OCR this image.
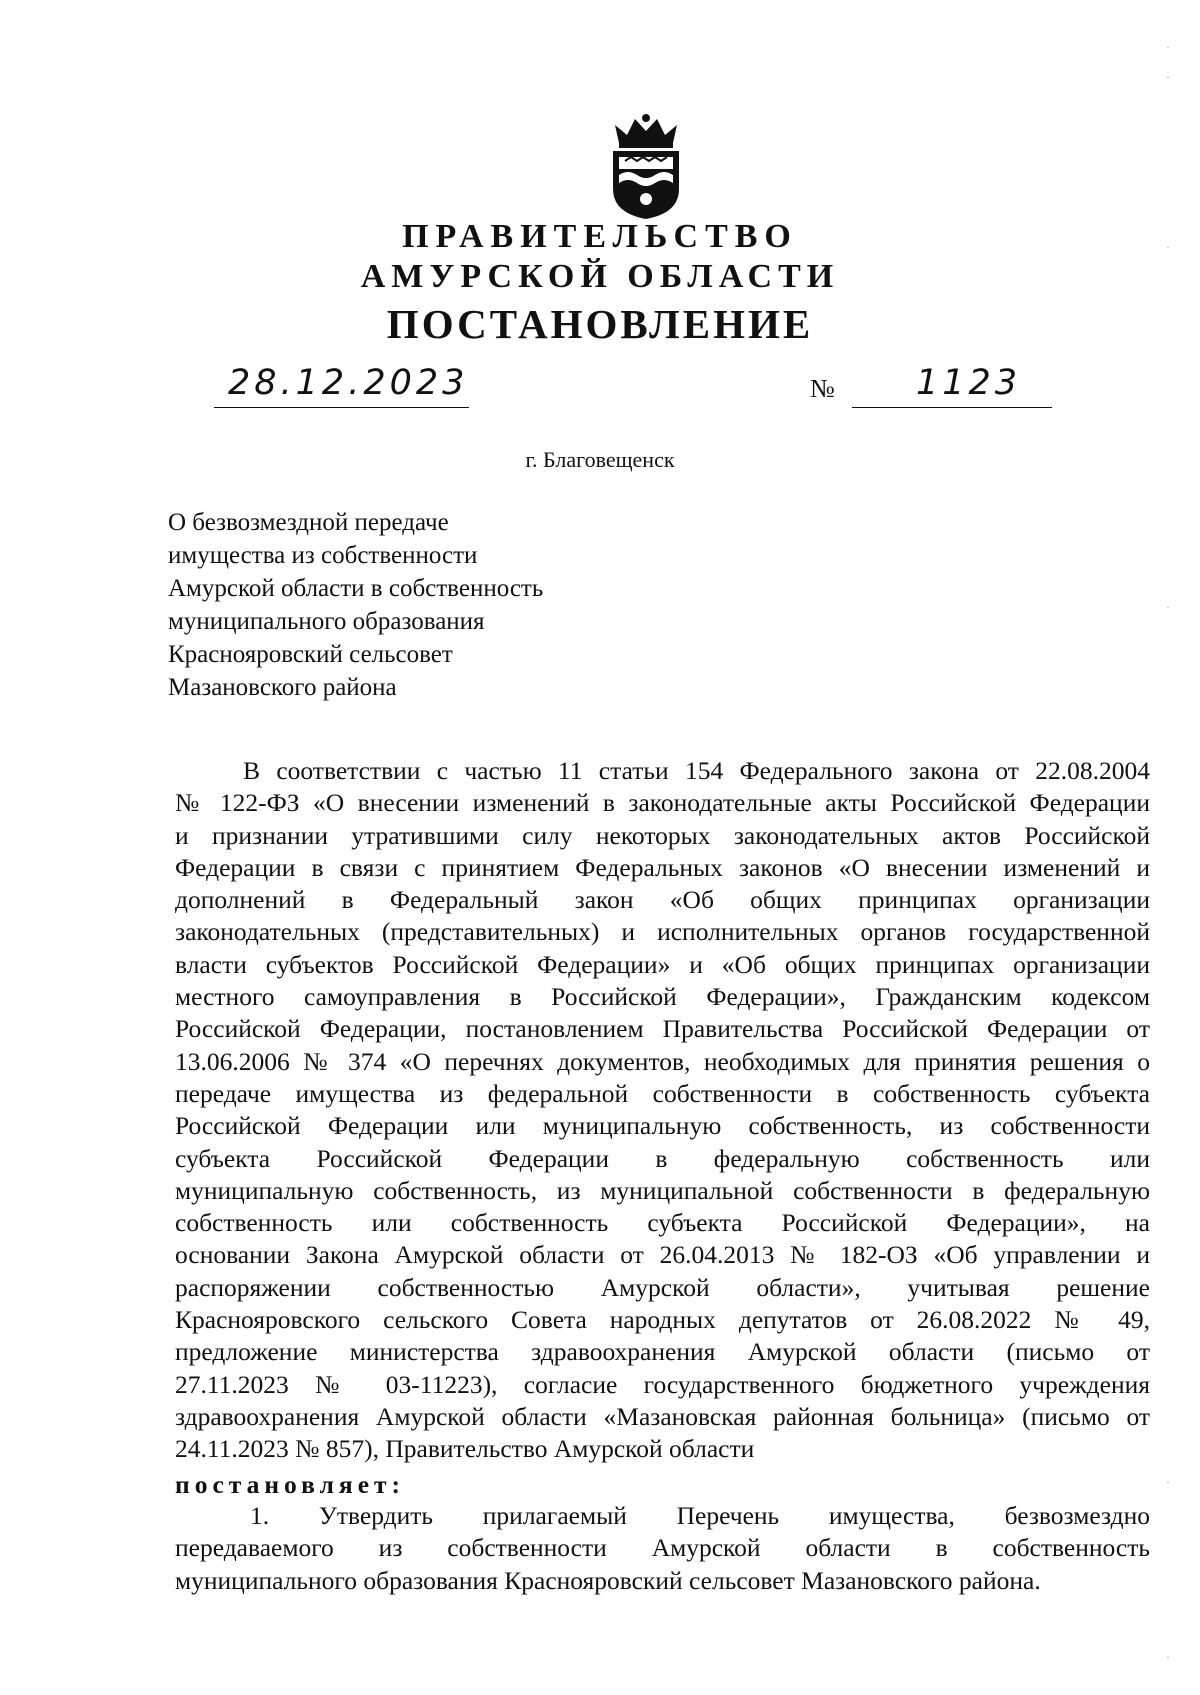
ПРАВИТЕЛЬСТВО
АМУРСКОЙ ОБЛАСТИ
ПОСТАНОВЛЕНИЕ
28.12.2023	№ 1123
г. Благовещенск
О безвозмездной передаче
имущества из собственности
Амурской области в собственность
муниципального образования
Краснояровский сельсовет
Мазановского района
В соответствии с частью 11 статьи 154 Федерального закона от 22.08.2004
№ 122-ФЗ «О внесении изменений в законодательные акты Российской Федерации
и признании утратившими силу некоторых законодательных актов Российской
Федерации в связи с принятием Федеральных законов «О внесении изменений и
дополнений в Федеральный закон «Об общих принципах организации
законодательных (представительных) и исполнительных органов государственной
власти субъектов Российской Федерации» и «Об общих принципах организации
местного самоуправления в Российской Федерации», Гражданским кодексом
Российской Федерации, постановлением Правительства Российской Федерации от
13.06.2006 № 374 «О перечнях документов, необходимых для принятия решения о
передаче имущества из федеральной собственности в собственность субъекта
Российской Федерации или муниципальную собственность, из собственности
субъекта Российской Федерации в федеральную собственность или
муниципальную собственность, из муниципальной собственности в федеральную
собственность или собственность субъекта Российской Федерации», на
основании Закона Амурской области от 26.04.2013 № 182-ОЗ «Об управлении и
распоряжении собственностью Амурской области», учитывая решение
Краснояровского сельского Совета народных депутатов от 26.08.2022 № 49,
предложение министерства здравоохранения Амурской области (письмо от
27.11.2023 № 03-11223), согласие государственного бюджетного учреждения
здравоохранения Амурской области «Мазановская районная больница» (письмо от
24.11.2023 № 857), Правительство Амурской области
постановляет:
1. Утвердить прилагаемый Перечень имущества, безвозмездно
передаваемого из собственности Амурской области в собственность
муниципального образования Краснояровский сельсовет Мазановского района.
·
·
·
·
·
·
